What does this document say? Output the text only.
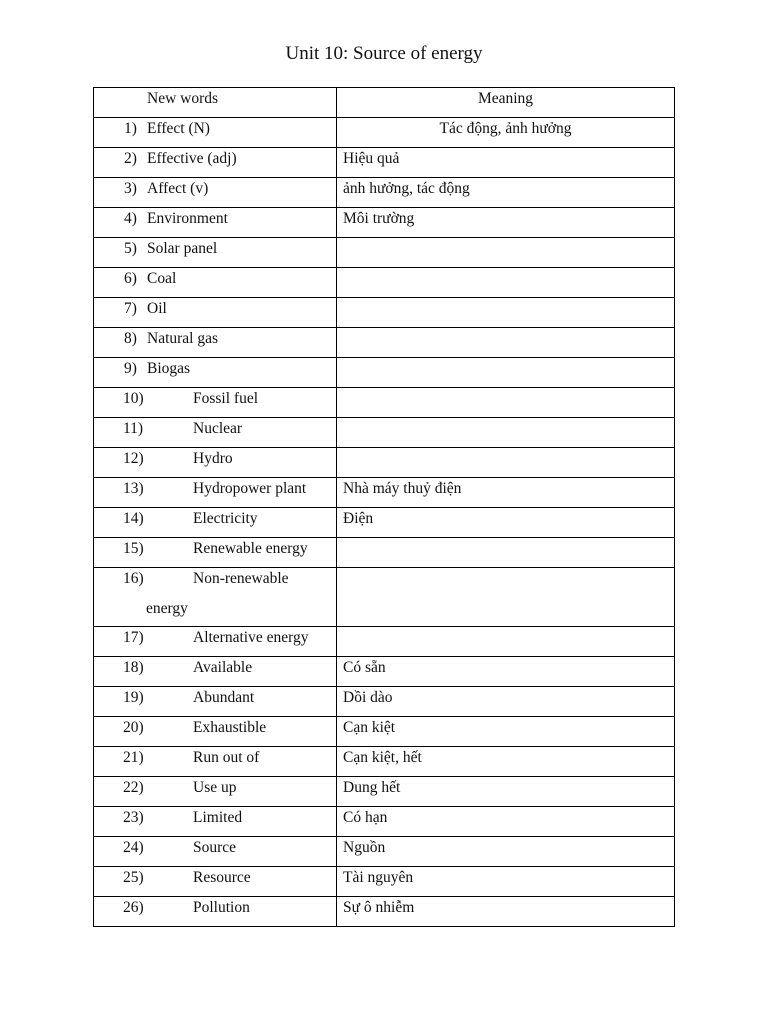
Unit 10: Source of energy
New words	Meaning

1) Effect (N)	Tác động, ảnh hưởng

2) Effective (adj)	Hiệu quả

3) Affect (v)	ảnh hưởng, tác động

4) Environment	Môi trường

5) Solar panel	

6) Coal	

7) Oil	

8) Natural gas	

9) Biogas	

10) Fossil fuel	

11) Nuclear	

12) Hydro	

13) Hydropower plant	Nhà máy thuỷ điện

14) Electricity	Điện

15) Renewable energy	

16) Non-renewable
energy	

17) Alternative energy	

18) Available	Có sẵn

19) Abundant	Dồi dào

20) Exhaustible	Cạn kiệt

21) Run out of	Cạn kiệt, hết

22) Use up	Dung hết

23) Limited	Có hạn

24) Source	Nguồn

25) Resource	Tài nguyên

26) Pollution	Sự ô nhiễm
